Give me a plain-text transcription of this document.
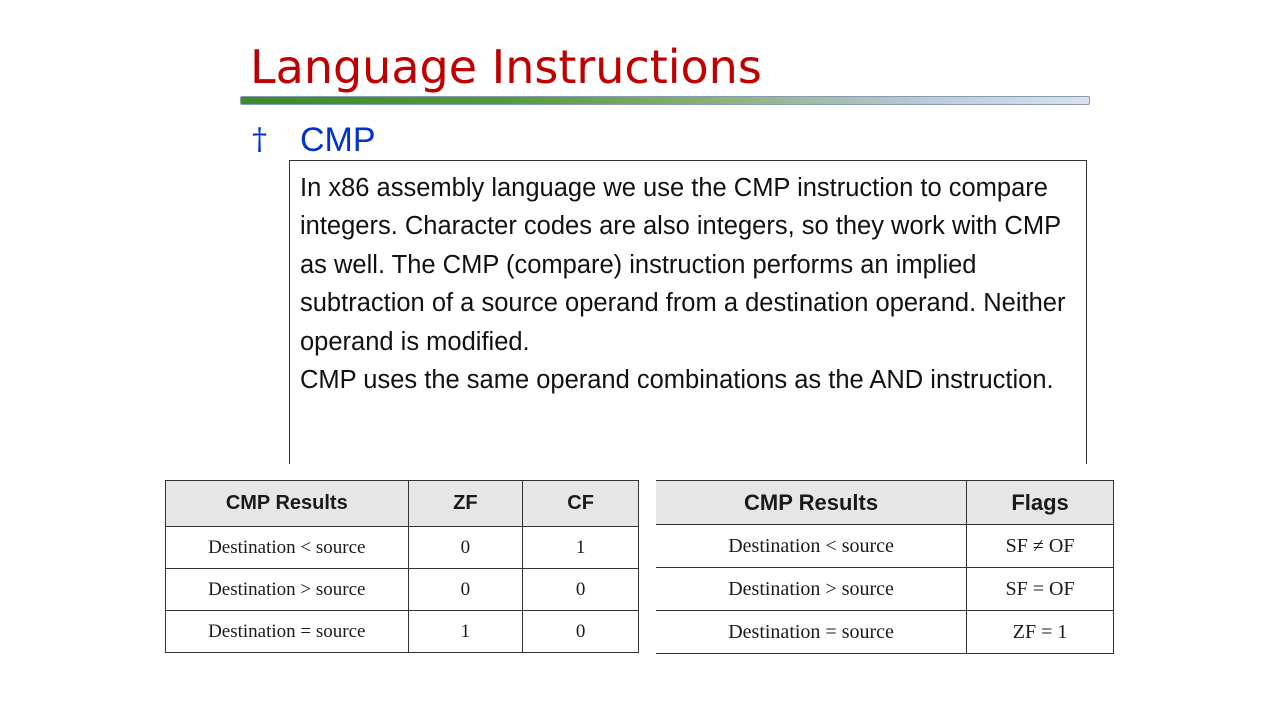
Language Instructions
† CMP

In x86 assembly language we use the CMP instruction to compare integers. Character codes are also integers, so they work with CMP as well. The CMP (compare) instruction performs an implied subtraction of a source operand from a destination operand. Neither operand is modified.

CMP uses the same operand combinations as the AND instruction.

CMP Results	ZF	CF
Destination < source	0	1
Destination > source	0	0
Destination = source	1	0
CMP Results	Flags
Destination < source	SF ≠ OF
Destination > source	SF = OF
Destination = source	ZF = 1
